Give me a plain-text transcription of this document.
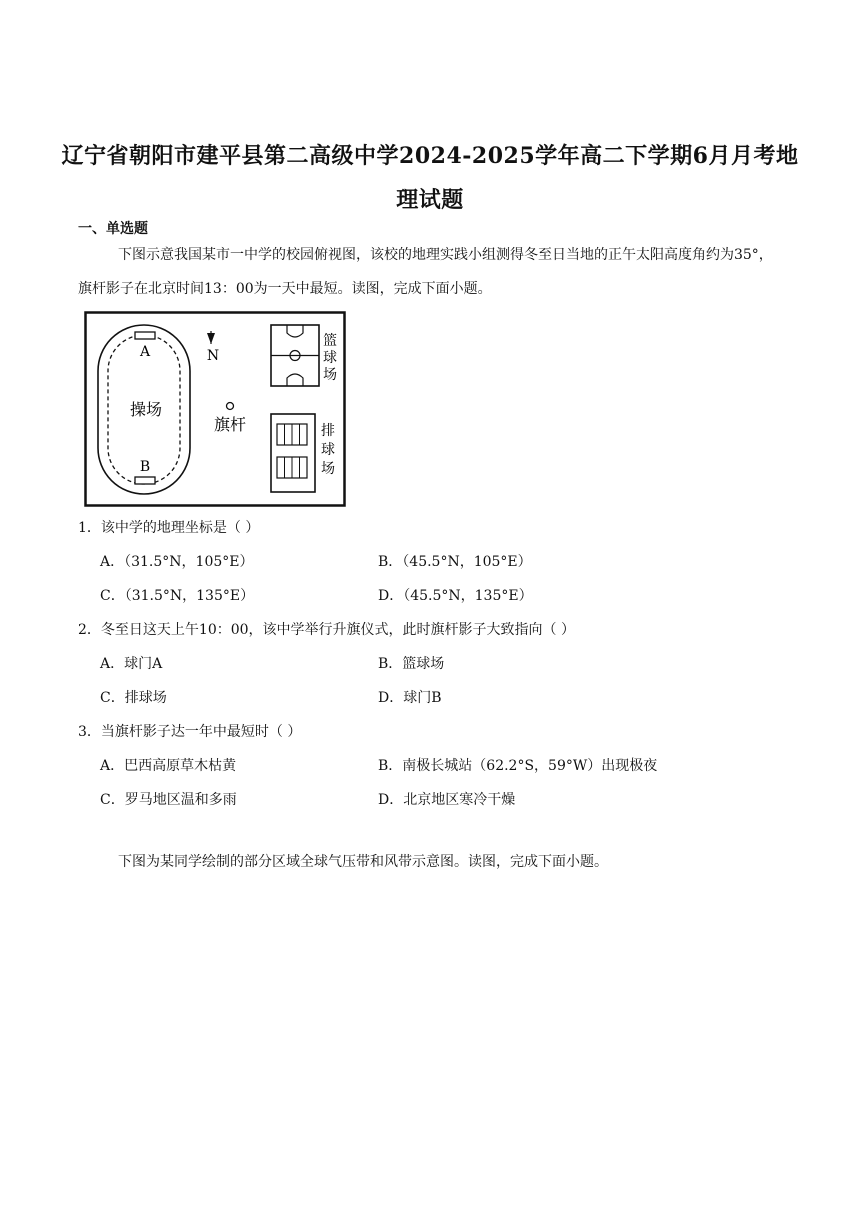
辽宁省朝阳市建平县第二高级中学2024-2025学年高二下学期6月月考地
理试题
一、单选题
下图示意我国某市一中学的校园俯视图，该校的地理实践小组测得冬至日当地的正午太阳高度角约为35°，旗杆影子在北京时间13：00为一天中最短。读图，完成下面小题。
A
B
操场
N
旗杆
篮
球
场
排
球
场
1．该中学的地理坐标是（ ）
A．（31.5°N，105°E）	B．（45.5°N，105°E）
C．（31.5°N，135°E）	D．（45.5°N，135°E）
2．冬至日这天上午10：00，该中学举行升旗仪式，此时旗杆影子大致指向（ ）
A．球门A	B．篮球场
C．排球场	D．球门B
3．当旗杆影子达一年中最短时（ ）
A．巴西高原草木枯黄	B．南极长城站（62.2°S，59°W）出现极夜
C．罗马地区温和多雨	D．北京地区寒冷干燥
下图为某同学绘制的部分区域全球气压带和风带示意图。读图，完成下面小题。
